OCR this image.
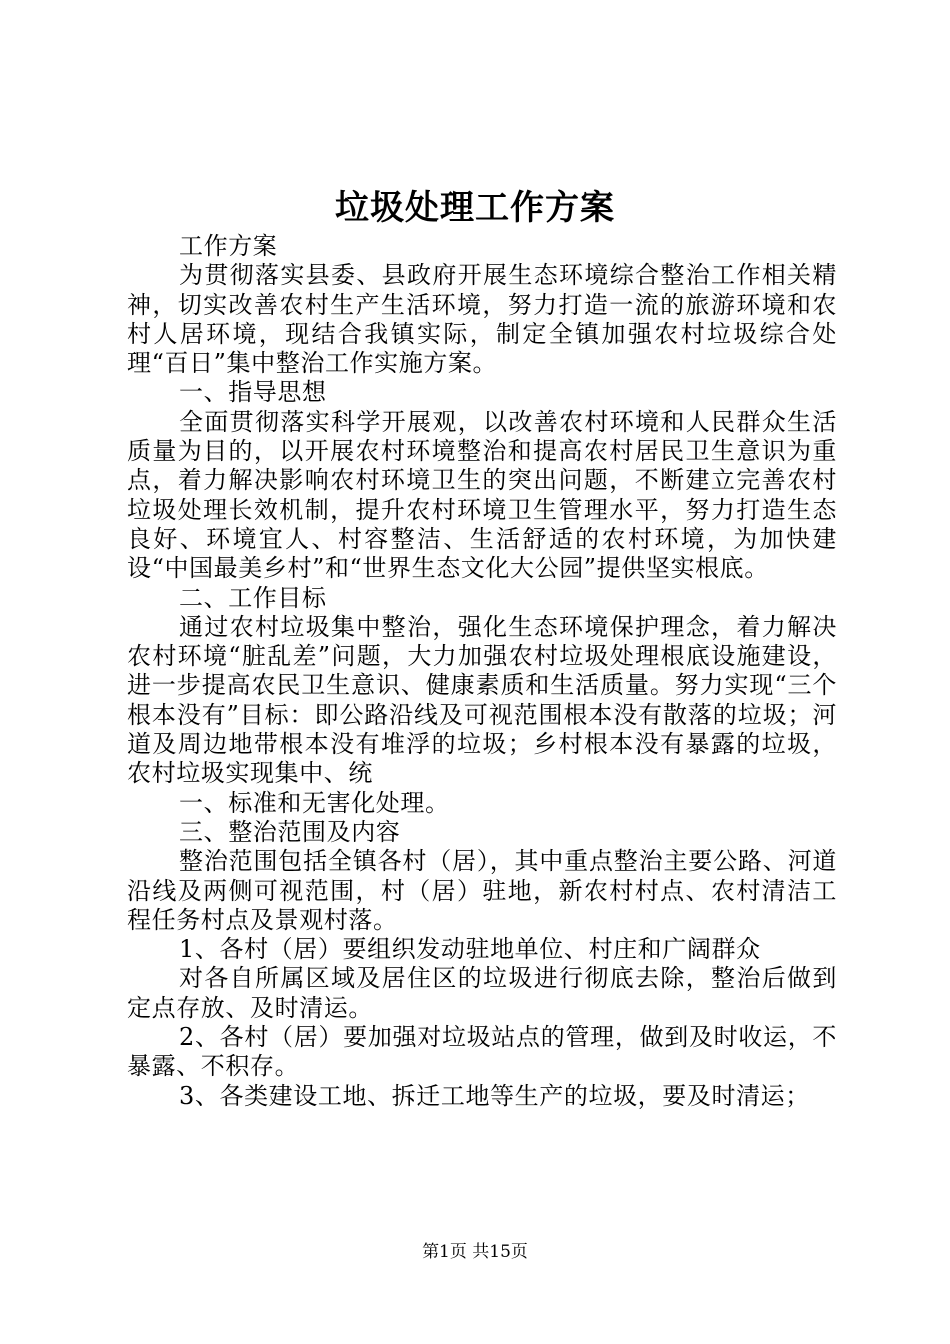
垃圾处理工作方案

工作方案

为贯彻落实县委、县政府开展生态环境综合整治工作相关精神，切实改善农村生产生活环境，努力打造一流的旅游环境和农村人居环境，现结合我镇实际，制定全镇加强农村垃圾综合处理“百日”集中整治工作实施方案。

一、指导思想

全面贯彻落实科学开展观，以改善农村环境和人民群众生活质量为目的，以开展农村环境整治和提高农村居民卫生意识为重点，着力解决影响农村环境卫生的突出问题，不断建立完善农村垃圾处理长效机制，提升农村环境卫生管理水平，努力打造生态良好、环境宜人、村容整洁、生活舒适的农村环境，为加快建设“中国最美乡村”和“世界生态文化大公园”提供坚实根底。

二、工作目标

通过农村垃圾集中整治，强化生态环境保护理念，着力解决农村环境“脏乱差”问题，大力加强农村垃圾处理根底设施建设，进一步提高农民卫生意识、健康素质和生活质量。努力实现“三个根本没有”目标：即公路沿线及可视范围根本没有散落的垃圾；河道及周边地带根本没有堆浮的垃圾；乡村根本没有暴露的垃圾，农村垃圾实现集中、统

一、标准和无害化处理。

三、整治范围及内容

整治范围包括全镇各村（居），其中重点整治主要公路、河道沿线及两侧可视范围，村（居）驻地，新农村村点、农村清洁工程任务村点及景观村落。

1、各村（居）要组织发动驻地单位、村庄和广阔群众

对各自所属区域及居住区的垃圾进行彻底去除，整治后做到定点存放、及时清运。

2、各村（居）要加强对垃圾站点的管理，做到及时收运，不暴露、不积存。

3、各类建设工地、拆迁工地等生产的垃圾，要及时清运；

第1页 共15页
